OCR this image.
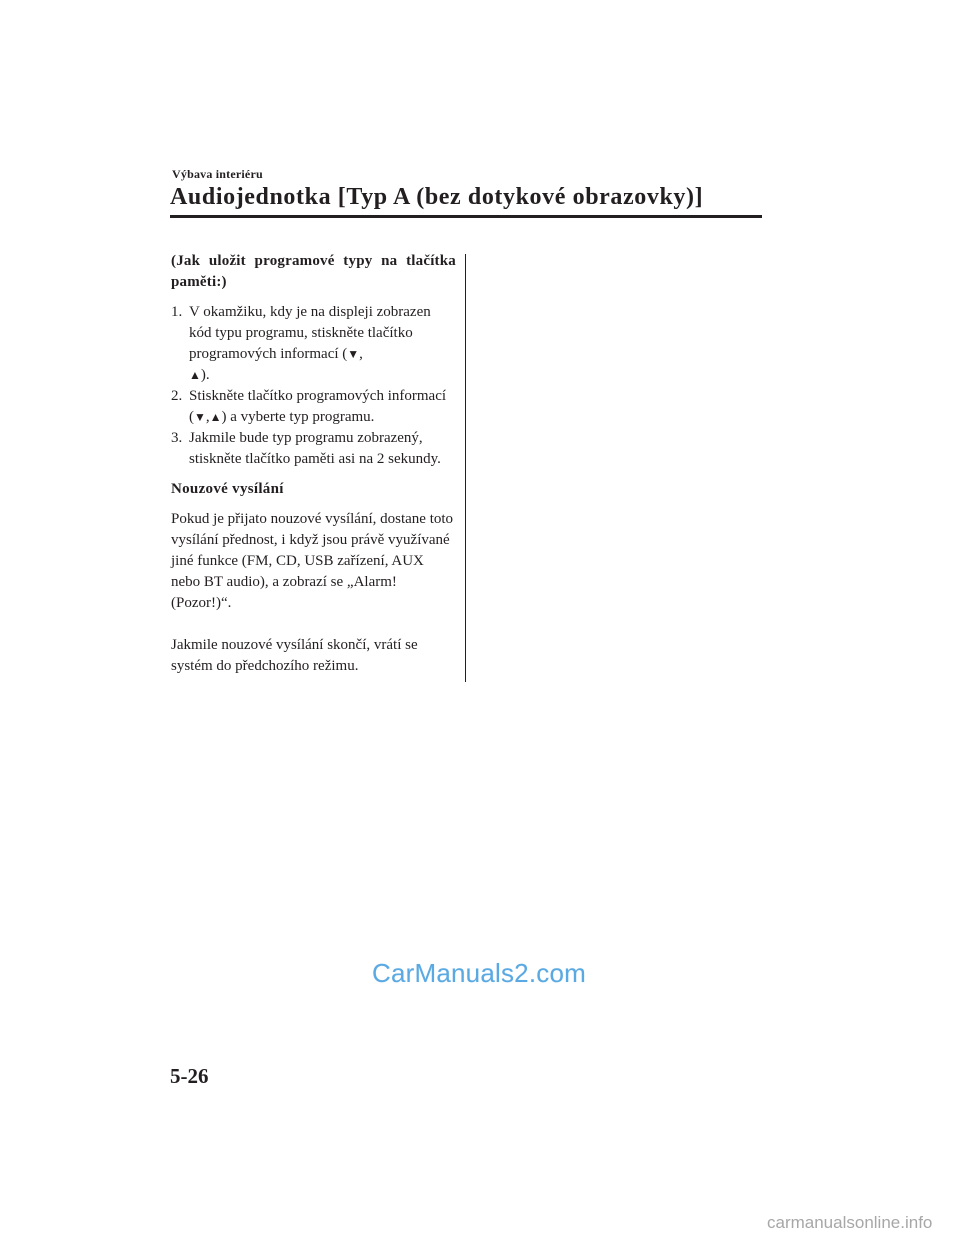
Výbava interiéru
Audiojednotka [Typ A (bez dotykové obrazovky)]

(Jak uložit programové typy na tlačítka paměti:)

1. V okamžiku, kdy je na displeji zobrazen kód typu programu, stiskněte tlačítko programových informací (▼,
▲).
2. Stiskněte tlačítko programových informací (▼,▲) a vyberte typ programu.
3. Jakmile bude typ programu zobrazený, stiskněte tlačítko paměti asi na 2 sekundy.

Nouzové vysílání

Pokud je přijato nouzové vysílání, dostane toto vysílání přednost, i když jsou právě využívané jiné funkce (FM, CD, USB zařízení, AUX nebo BT audio), a zobrazí se „Alarm! (Pozor!)“.

Jakmile nouzové vysílání skončí, vrátí se systém do předchozího režimu.

CarManuals2.com
5-26
carmanualsonline.info
